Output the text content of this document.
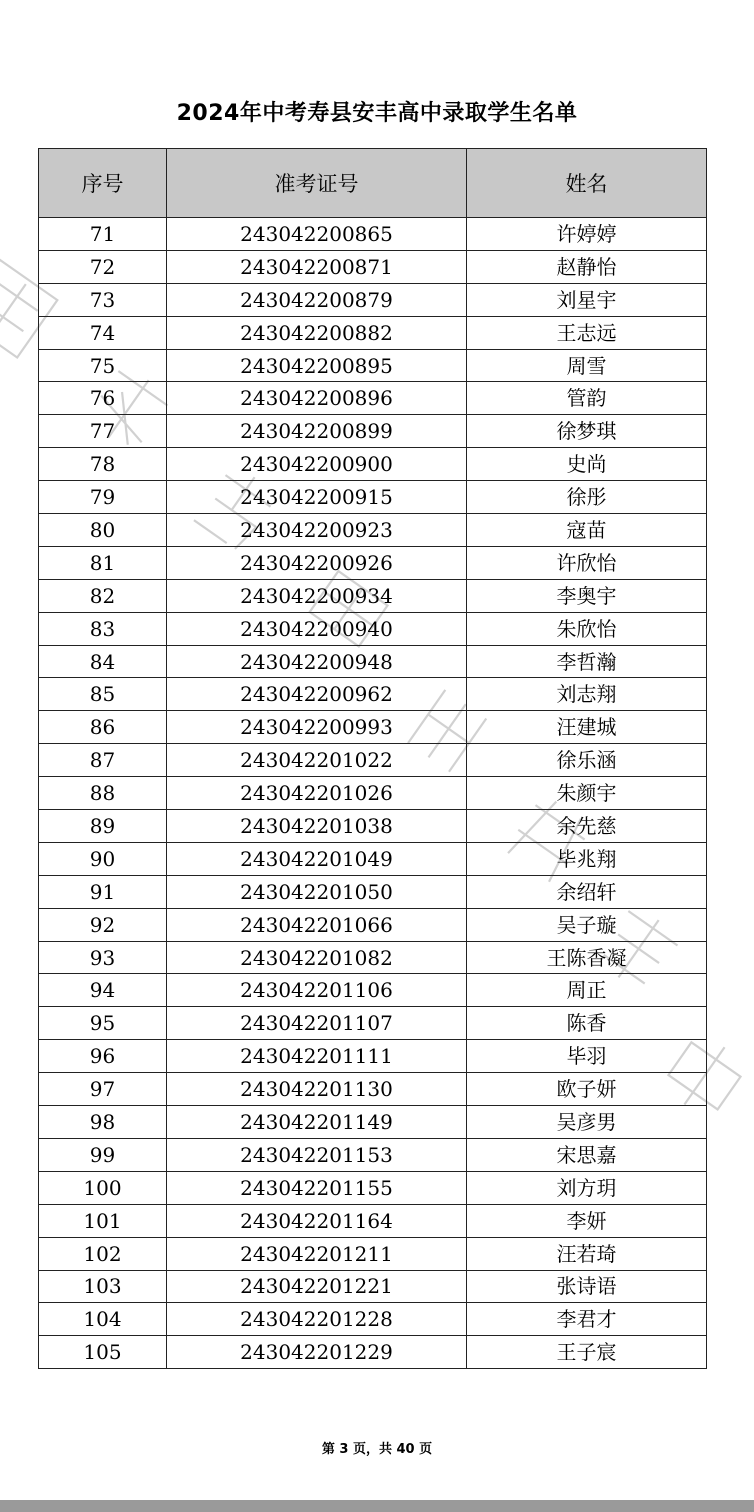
2024年中考寿县安丰高中录取学生名单
序号	准考证号	姓名
71	243042200865	许婷婷
72	243042200871	赵静怡
73	243042200879	刘星宇
74	243042200882	王志远
75	243042200895	周雪
76	243042200896	管韵
77	243042200899	徐梦琪
78	243042200900	史尚
79	243042200915	徐彤
80	243042200923	寇苗
81	243042200926	许欣怡
82	243042200934	李奥宇
83	243042200940	朱欣怡
84	243042200948	李哲瀚
85	243042200962	刘志翔
86	243042200993	汪建城
87	243042201022	徐乐涵
88	243042201026	朱颜宇
89	243042201038	余先慈
90	243042201049	毕兆翔
91	243042201050	余绍轩
92	243042201066	吴子璇
93	243042201082	王陈香凝
94	243042201106	周正
95	243042201107	陈香
96	243042201111	毕羽
97	243042201130	欧子妍
98	243042201149	吴彦男
99	243042201153	宋思嘉
100	243042201155	刘方玥
101	243042201164	李妍
102	243042201211	汪若琦
103	243042201221	张诗语
104	243042201228	李君才
105	243042201229	王子宸
第 3 页，共 40 页
